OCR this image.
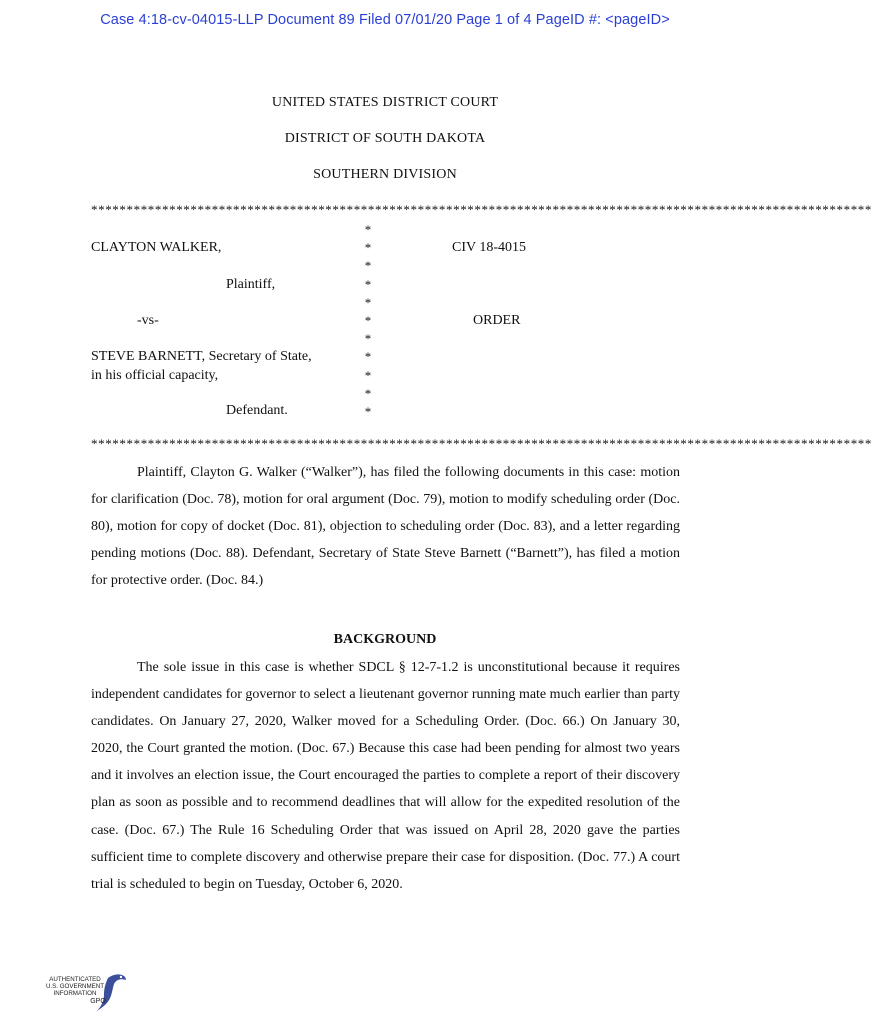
Case 4:18-cv-04015-LLP Document 89 Filed 07/01/20 Page 1 of 4 PageID #: <pageID>
UNITED STATES DISTRICT COURT
DISTRICT OF SOUTH DAKOTA
SOUTHERN DIVISION
**************************************************************************************************************
CLAYTON WALKER,
Plaintiff,
-vs-
STEVE BARNETT, Secretary of State,
in his official capacity,
Defendant.
*
*
*
*
*
*
*
*
*
*
*
CIV 18-4015
ORDER
**************************************************************************************************************

Plaintiff, Clayton G. Walker (“Walker”), has filed the following documents in this case: motion for clarification (Doc. 78), motion for oral argument (Doc. 79), motion to modify scheduling order (Doc. 80), motion for copy of docket (Doc. 81), objection to scheduling order (Doc. 83), and a letter regarding pending motions (Doc. 88). Defendant, Secretary of State Steve Barnett (“Barnett”), has filed a motion for protective order. (Doc. 84.)

BACKGROUND

The sole issue in this case is whether SDCL § 12-7-1.2 is unconstitutional because it requires independent candidates for governor to select a lieutenant governor running mate much earlier than party candidates. On January 27, 2020, Walker moved for a Scheduling Order. (Doc. 66.) On January 30, 2020, the Court granted the motion. (Doc. 67.) Because this case had been pending for almost two years and it involves an election issue, the Court encouraged the parties to complete a report of their discovery plan as soon as possible and to recommend deadlines that will allow for the expedited resolution of the case. (Doc. 67.) The Rule 16 Scheduling Order that was issued on April 28, 2020 gave the parties sufficient time to complete discovery and otherwise prepare their case for disposition. (Doc. 77.) A court trial is scheduled to begin on Tuesday, October 6, 2020.

AUTHENTICATED
U.S. GOVERNMENT
INFORMATION
GPO
